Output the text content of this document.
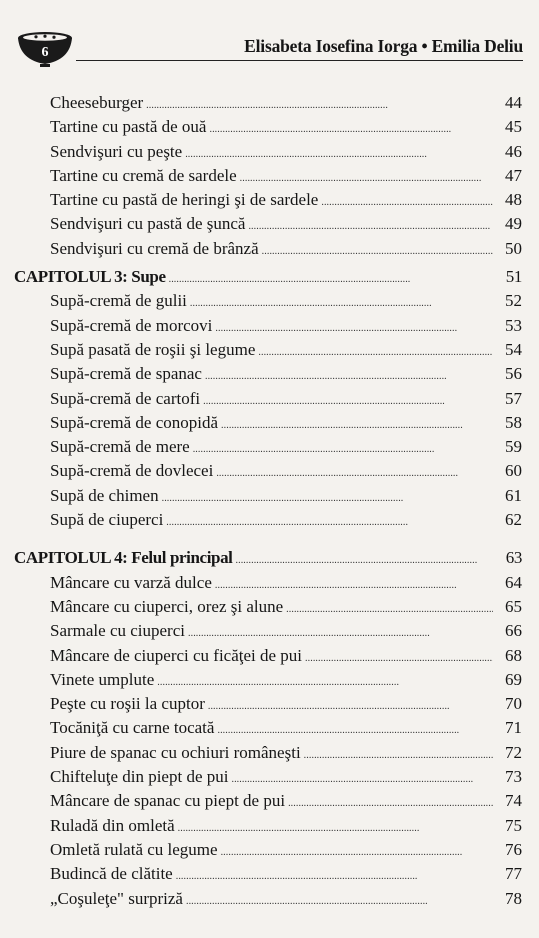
6	Elisabeta Iosefina Iorga • Emilia Deliu
Cheeseburger . . .	44
Tartine cu pastă de ouă . . .	45
Sendvişuri cu peşte . . .	46
Tartine cu cremă de sardele . . .	47
Tartine cu pastă de heringi şi de sardele . . .	48
Sendvişuri cu pastă de şuncă . . .	49
Sendvişuri cu cremă de brânză . . .	50
CAPITOLUL 3: Supe . . .	51
Supă-cremă de gulii . . .	52
Supă-cremă de morcovi . . .	53
Supă pasată de roşii şi legume . . .	54
Supă-cremă de spanac . . .	56
Supă-cremă de cartofi . . .	57
Supă-cremă de conopidă . . .	58
Supă-cremă de mere . . .	59
Supă-cremă de dovlecei . . .	60
Supă de chimen . . .	61
Supă de ciuperci . . .	62
CAPITOLUL 4: Felul principal . . .	63
Mâncare cu varză dulce . . .	64
Mâncare cu ciuperci, orez şi alune . . .	65
Sarmale cu ciuperci . . .	66
Mâncare de ciuperci cu ficăţei de pui . . .	68
Vinete umplute . . .	69
Peşte cu roşii la cuptor . . .	70
Tocăniţă cu carne tocată . . .	71
Piure de spanac cu ochiuri româneşti . . .	72
Chifteluţe din piept de pui . . .	73
Mâncare de spanac cu piept de pui . . .	74
Ruladă din omletă . . .	75
Omletă rulată cu legume . . .	76
Budincă de clătite . . .	77
„Coşuleţe" surpriză . . .	78
